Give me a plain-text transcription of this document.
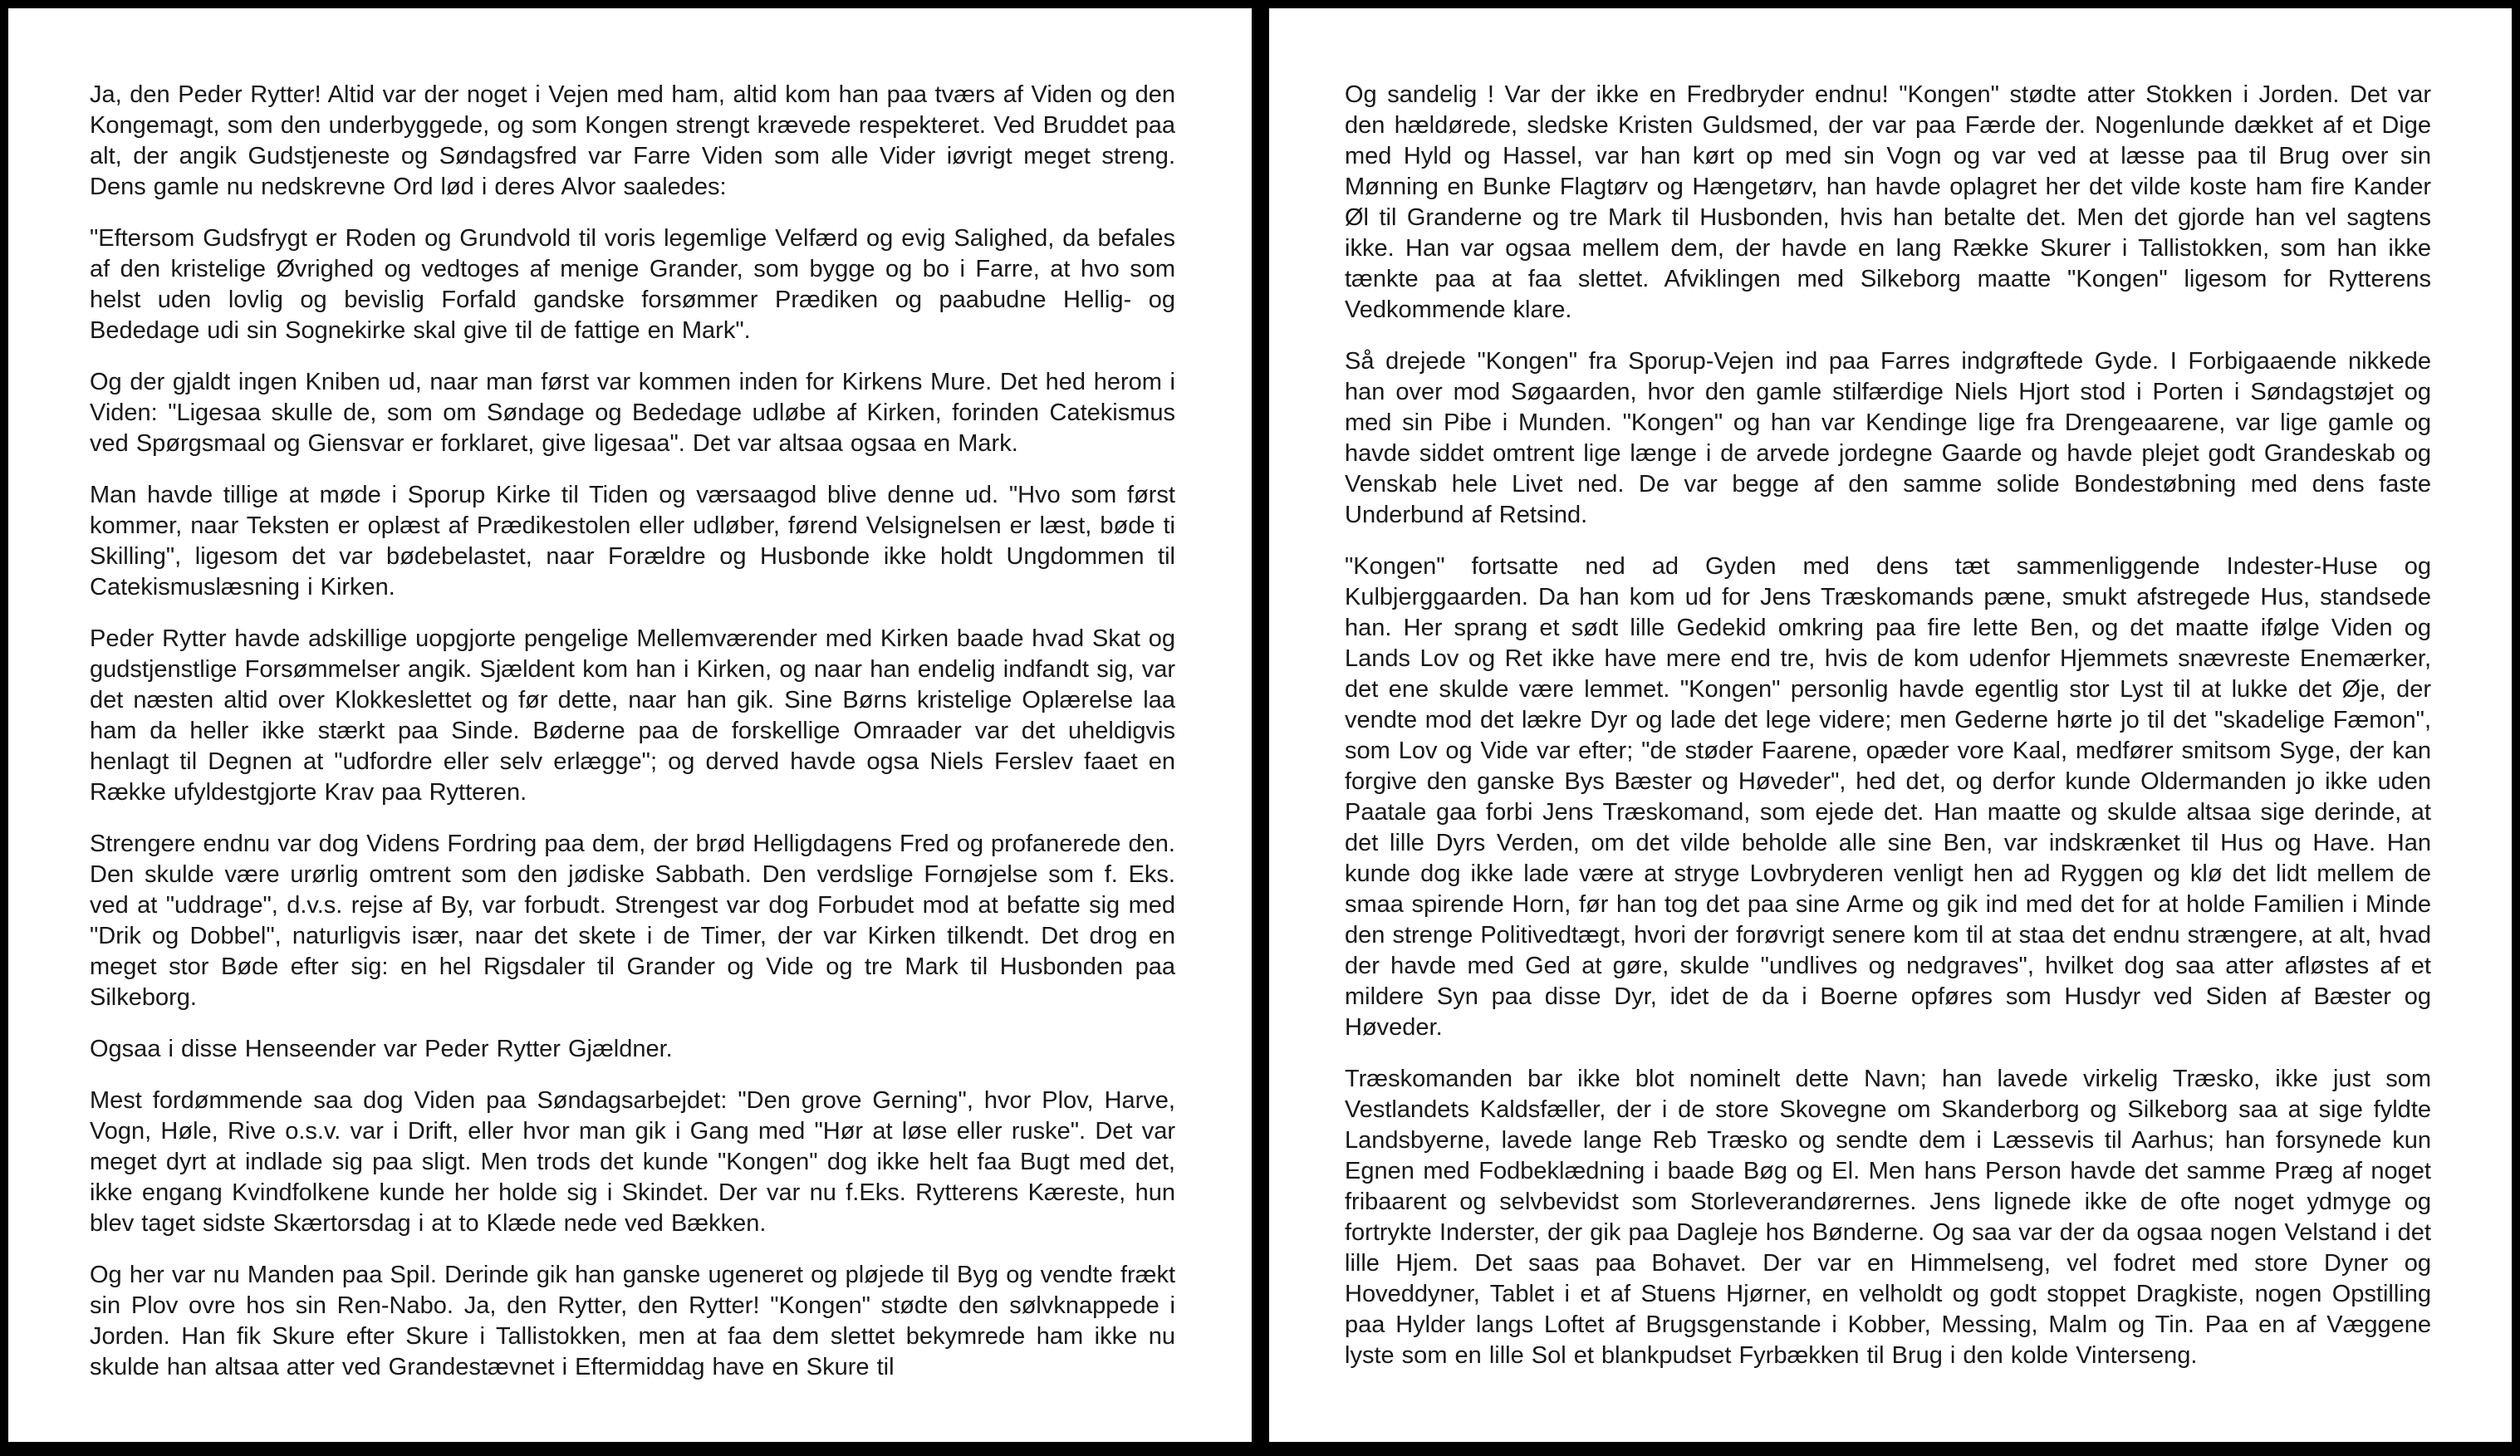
Ja, den Peder Rytter! Altid var der noget i Vejen med ham, altid kom han paa tværs af Viden og den Kongemagt, som den underbyggede, og som Kongen strengt krævede respekteret. Ved Bruddet paa alt, der angik Gudstjeneste og Søndagsfred var Farre Viden som alle Vider iøvrigt meget streng. Dens gamle nu nedskrevne Ord lød i deres Alvor saaledes:

"Eftersom Gudsfrygt er Roden og Grundvold til voris legemlige Velfærd og evig Salighed, da befales af den kristelige Øvrighed og vedtoges af menige Grander, som bygge og bo i Farre, at hvo som helst uden lovlig og bevislig Forfald gandske forsømmer Prædiken og paabudne Hellig- og Bededage udi sin Sognekirke skal give til de fattige en Mark".

Og der gjaldt ingen Kniben ud, naar man først var kommen inden for Kirkens Mure. Det hed herom i Viden: "Ligesaa skulle de, som om Søndage og Bededage udløbe af Kirken, forinden Catekismus ved Spørgsmaal og Giensvar er forklaret, give ligesaa". Det var altsaa ogsaa en Mark.

Man havde tillige at møde i Sporup Kirke til Tiden og værsaagod blive denne ud. "Hvo som først kommer, naar Teksten er oplæst af Prædikestolen eller udløber, førend Velsignelsen er læst, bøde ti Skilling", ligesom det var bødebelastet, naar Forældre og Husbonde ikke holdt Ungdommen til Catekismuslæsning i Kirken.

Peder Rytter havde adskillige uopgjorte pengelige Mellemværender med Kirken baade hvad Skat og gudstjenstlige Forsømmelser angik. Sjældent kom han i Kirken, og naar han endelig indfandt sig, var det næsten altid over Klokkeslettet og før dette, naar han gik. Sine Børns kristelige Oplærelse laa ham da heller ikke stærkt paa Sinde. Bøderne paa de forskellige Omraader var det uheldigvis henlagt til Degnen at "udfordre eller selv erlægge"; og derved havde ogsa Niels Ferslev faaet en Række ufyldestgjorte Krav paa Rytteren.

Strengere endnu var dog Videns Fordring paa dem, der brød Helligdagens Fred og profanerede den. Den skulde være urørlig omtrent som den jødiske Sabbath. Den verdslige Fornøjelse som f. Eks. ved at "uddrage", d.v.s. rejse af By, var forbudt. Strengest var dog Forbudet mod at befatte sig med "Drik og Dobbel", naturligvis især, naar det skete i de Timer, der var Kirken tilkendt. Det drog en meget stor Bøde efter sig: en hel Rigsdaler til Grander og Vide og tre Mark til Husbonden paa Silkeborg.

Ogsaa i disse Henseender var Peder Rytter Gjældner.

Mest fordømmende saa dog Viden paa Søndagsarbejdet: "Den grove Gerning", hvor Plov, Harve, Vogn, Høle, Rive o.s.v. var i Drift, eller hvor man gik i Gang med "Hør at løse eller ruske". Det var meget dyrt at indlade sig paa sligt. Men trods det kunde "Kongen" dog ikke helt faa Bugt med det, ikke engang Kvindfolkene kunde her holde sig i Skindet. Der var nu f.Eks. Rytterens Kæreste, hun blev taget sidste Skærtorsdag i at to Klæde nede ved Bækken.

Og her var nu Manden paa Spil. Derinde gik han ganske ugeneret og pløjede til Byg og vendte frækt sin Plov ovre hos sin Ren-Nabo. Ja, den Rytter, den Rytter! "Kongen" stødte den sølvknappede i Jorden. Han fik Skure efter Skure i Tallistokken, men at faa dem slettet bekymrede ham ikke nu skulde han altsaa atter ved Grandestævnet i Eftermiddag have en Skure til

Og sandelig ! Var der ikke en Fredbryder endnu! "Kongen" stødte atter Stokken i Jorden. Det var den hældørede, sledske Kristen Guldsmed, der var paa Færde der. Nogenlunde dækket af et Dige med Hyld og Hassel, var han kørt op med sin Vogn og var ved at læsse paa til Brug over sin Mønning en Bunke Flagtørv og Hængetørv, han havde oplagret her det vilde koste ham fire Kander Øl til Granderne og tre Mark til Husbonden, hvis han betalte det. Men det gjorde han vel sagtens ikke. Han var ogsaa mellem dem, der havde en lang Række Skurer i Tallistokken, som han ikke tænkte paa at faa slettet. Afviklingen med Silkeborg maatte "Kongen" ligesom for Rytterens Vedkommende klare.

Så drejede "Kongen" fra Sporup-Vejen ind paa Farres indgrøftede Gyde. I Forbigaaende nikkede han over mod Søgaarden, hvor den gamle stilfærdige Niels Hjort stod i Porten i Søndagstøjet og med sin Pibe i Munden. "Kongen" og han var Kendinge lige fra Drengeaarene, var lige gamle og havde siddet omtrent lige længe i de arvede jordegne Gaarde og havde plejet godt Grandeskab og Venskab hele Livet ned. De var begge af den samme solide Bondestøbning med dens faste Underbund af Retsind.

"Kongen" fortsatte ned ad Gyden med dens tæt sammenliggende Indester-Huse og Kulbjerggaarden. Da han kom ud for Jens Træskomands pæne, smukt afstregede Hus, standsede han. Her sprang et sødt lille Gedekid omkring paa fire lette Ben, og det maatte ifølge Viden og Lands Lov og Ret ikke have mere end tre, hvis de kom udenfor Hjemmets snævreste Enemærker, det ene skulde være lemmet. "Kongen" personlig havde egentlig stor Lyst til at lukke det Øje, der vendte mod det lækre Dyr og lade det lege videre; men Gederne hørte jo til det "skadelige Fæmon", som Lov og Vide var efter; "de støder Faarene, opæder vore Kaal, medfører smitsom Syge, der kan forgive den ganske Bys Bæster og Høveder", hed det, og derfor kunde Oldermanden jo ikke uden Paatale gaa forbi Jens Træskomand, som ejede det. Han maatte og skulde altsaa sige derinde, at det lille Dyrs Verden, om det vilde beholde alle sine Ben, var indskrænket til Hus og Have. Han kunde dog ikke lade være at stryge Lovbryderen venligt hen ad Ryggen og klø det lidt mellem de smaa spirende Horn, før han tog det paa sine Arme og gik ind med det for at holde Familien i Minde den strenge Politivedtægt, hvori der forøvrigt senere kom til at staa det endnu strængere, at alt, hvad der havde med Ged at gøre, skulde "undlives og nedgraves", hvilket dog saa atter afløstes af et mildere Syn paa disse Dyr, idet de da i Boerne opføres som Husdyr ved Siden af Bæster og Høveder.

Træskomanden bar ikke blot nominelt dette Navn; han lavede virkelig Træsko, ikke just som Vestlandets Kaldsfæller, der i de store Skovegne om Skanderborg og Silkeborg saa at sige fyldte Landsbyerne, lavede lange Reb Træsko og sendte dem i Læssevis til Aarhus; han forsynede kun Egnen med Fodbeklædning i baade Bøg og El. Men hans Person havde det samme Præg af noget fribaarent og selvbevidst som Storleverandørernes. Jens lignede ikke de ofte noget ydmyge og fortrykte Inderster, der gik paa Dagleje hos Bønderne. Og saa var der da ogsaa nogen Velstand i det lille Hjem. Det saas paa Bohavet. Der var en Himmelseng, vel fodret med store Dyner og Hoveddyner, Tablet i et af Stuens Hjørner, en velholdt og godt stoppet Dragkiste, nogen Opstilling paa Hylder langs Loftet af Brugsgenstande i Kobber, Messing, Malm og Tin. Paa en af Væggene lyste som en lille Sol et blankpudset Fyrbækken til Brug i den kolde Vinterseng.
